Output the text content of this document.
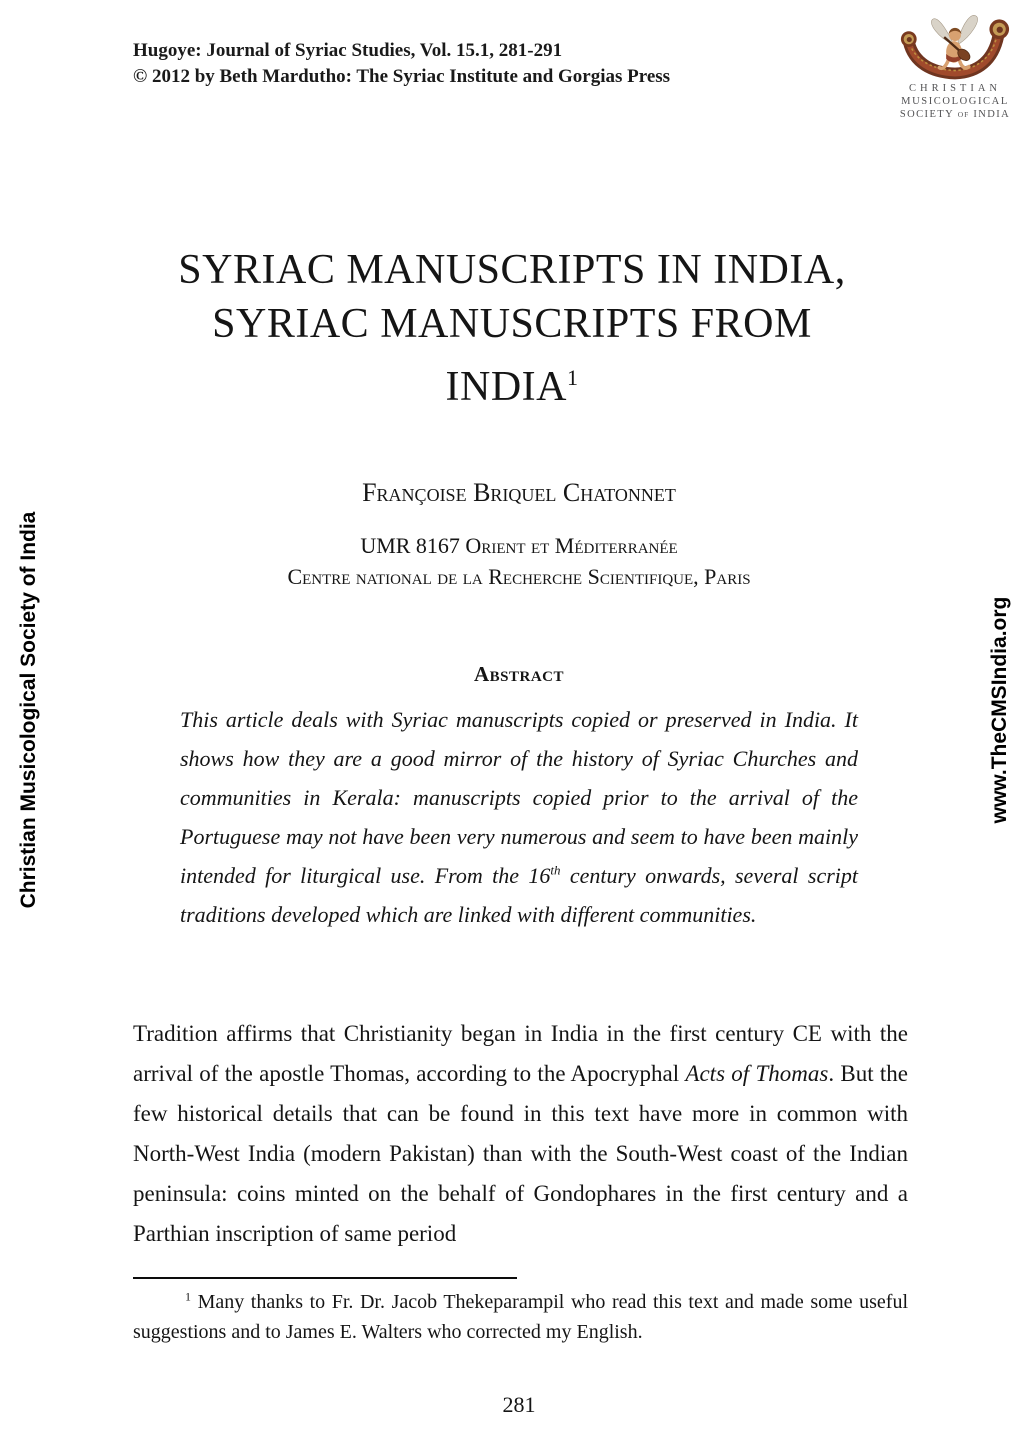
Christian Musicological Society of India	www.TheCMSIndia.org
Hugoye: Journal of Syriac Studies, Vol. 15.1, 281-291
© 2012 by Beth Mardutho: The Syriac Institute and Gorgias Press
CHRISTIAN
MUSICOLOGICAL
SOCIETY OF INDIA
SYRIAC MANUSCRIPTS IN INDIA,
SYRIAC MANUSCRIPTS FROM
INDIA$^1$
Françoise Briquel Chatonnet
UMR 8167 Orient et Méditerranée
Centre national de la Recherche Scientifique, Paris
Abstract

This article deals with Syriac manuscripts copied or preserved in India. It shows how they are a good mirror of the history of Syriac Churches and communities in Kerala: manuscripts copied prior to the arrival of the Portuguese may not have been very numerous and seem to have been mainly intended for liturgical use. From the 16th century onwards, several script traditions developed which are linked with different communities.

Tradition affirms that Christianity began in India in the first century CE with the arrival of the apostle Thomas, according to the Apocryphal Acts of Thomas. But the few historical details that can be found in this text have more in common with North-West India (modern Pakistan) than with the South-West coast of the Indian peninsula: coins minted on the behalf of Gondophares in the first century and a Parthian inscription of same period

$^1$ Many thanks to Fr. Dr. Jacob Thekeparampil who read this text and made some useful suggestions and to James E. Walters who corrected my English.

281
